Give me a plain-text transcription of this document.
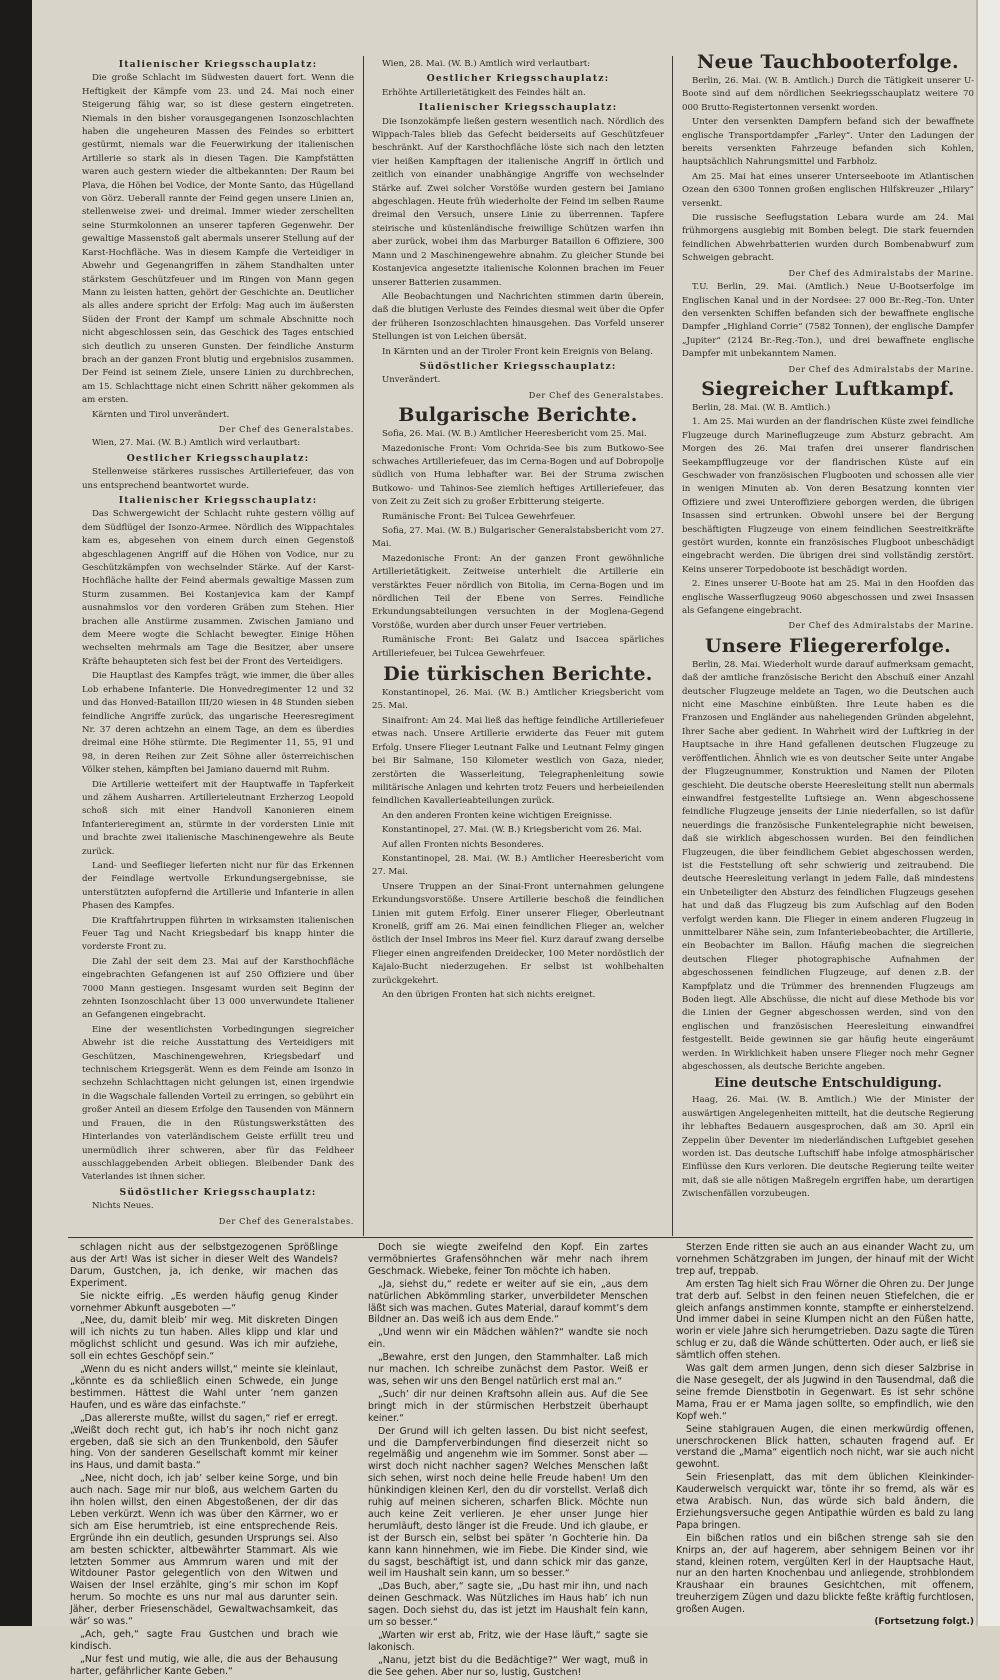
Italienischer Kriegsschauplatz:

Die große Schlacht im Südwesten dauert fort. Wenn die Heftigkeit der Kämpfe vom 23. und 24. Mai noch einer Steigerung fähig war, so ist diese gestern eingetreten. Niemals in den bisher vorausgegangenen Isonzoschlachten haben die ungeheuren Massen des Feindes so erbittert gestürmt, niemals war die Feuerwirkung der italienischen Artillerie so stark als in diesen Tagen. Die Kampfstätten waren auch gestern wieder die altbekannten: Der Raum bei Plava, die Höhen bei Vodice, der Monte Santo, das Hügelland von Görz. Ueberall rannte der Feind gegen unsere Linien an, stellenweise zwei- und dreimal. Immer wieder zerschellten seine Sturmkolonnen an unserer tapferen Gegenwehr. Der gewaltige Massenstoß galt abermals unserer Stellung auf der Karst-Hochfläche. Was in diesem Kampfe die Verteidiger in Abwehr und Gegenangriffen in zähem Standhalten unter stärkstem Geschützfeuer und im Ringen von Mann gegen Mann zu leisten hatten, gehört der Geschichte an. Deutlicher als alles andere spricht der Erfolg: Mag auch im äußersten Süden der Front der Kampf um schmale Abschnitte noch nicht abgeschlossen sein, das Geschick des Tages entschied sich deutlich zu unseren Gunsten. Der feindliche Ansturm brach an der ganzen Front blutig und ergebnislos zusammen. Der Feind ist seinem Ziele, unsere Linien zu durchbrechen, am 15. Schlachttage nicht einen Schritt näher gekommen als am ersten.

Kärnten und Tirol unverändert.

Der Chef des Generalstabes.

Wien, 27. Mai. (W. B.) Amtlich wird verlautbart:

Oestlicher Kriegsschauplatz:

Stellenweise stärkeres russisches Artilleriefeuer, das von uns entsprechend beantwortet wurde.

Italienischer Kriegsschauplatz:

Das Schwergewicht der Schlacht ruhte gestern völlig auf dem Südflügel der Isonzo-Armee. Nördlich des Wippachtales kam es, abgesehen von einem durch einen Gegenstoß abgeschlagenen Angriff auf die Höhen von Vodice, nur zu Geschützkämpfen von wechselnder Stärke. Auf der Karst-Hochfläche hallte der Feind abermals gewaltige Massen zum Sturm zusammen. Bei Kostanjevica kam der Kampf ausnahmslos vor den vorderen Gräben zum Stehen. Hier brachen alle Anstürme zusammen. Zwischen Jamiano und dem Meere wogte die Schlacht bewegter. Einige Höhen wechselten mehrmals am Tage die Besitzer, aber unsere Kräfte behaupteten sich fest bei der Front des Verteidigers.

Die Hauptlast des Kampfes trägt, wie immer, die über alles Lob erhabene Infanterie. Die Honvedregimenter 12 und 32 und das Honved-Bataillon III/20 wiesen in 48 Stunden sieben feindliche Angriffe zurück, das ungarische Heeresregiment Nr. 37 deren achtzehn an einem Tage, an dem es überdies dreimal eine Höhe stürmte. Die Regimenter 11, 55, 91 und 98, in deren Reihen zur Zeit Söhne aller österreichischen Völker stehen, kämpften bei Jamiano dauernd mit Ruhm.

Die Artillerie wetteifert mit der Hauptwaffe in Tapferkeit und zähem Ausharren. Artillerieleutnant Erzherzog Leopold schoß sich mit einer Handvoll Kanonieren einem Infanterieregiment an, stürmte in der vordersten Linie mit und brachte zwei italienische Maschinengewehre als Beute zurück.

Land- und Seeflieger lieferten nicht nur für das Erkennen der Feindlage wertvolle Erkundungsergebnisse, sie unterstützten aufopfernd die Artillerie und Infanterie in allen Phasen des Kampfes.

Die Kraftfahrtruppen führten in wirksamsten italienischen Feuer Tag und Nacht Kriegsbedarf bis knapp hinter die vorderste Front zu.

Die Zahl der seit dem 23. Mai auf der Karsthochfläche eingebrachten Gefangenen ist auf 250 Offiziere und über 7000 Mann gestiegen. Insgesamt wurden seit Beginn der zehnten Isonzoschlacht über 13 000 unverwundete Italiener an Gefangenen eingebracht.

Eine der wesentlichsten Vorbedingungen siegreicher Abwehr ist die reiche Ausstattung des Verteidigers mit Geschützen, Maschinengewehren, Kriegsbedarf und technischem Kriegsgerät. Wenn es dem Feinde am Isonzo in sechzehn Schlachttagen nicht gelungen ist, einen irgendwie in die Wagschale fallenden Vorteil zu erringen, so gebührt ein großer Anteil an diesem Erfolge den Tausenden von Männern und Frauen, die in den Rüstungswerkstätten des Hinterlandes von vaterländischem Geiste erfüllt treu und unermüdlich ihrer schweren, aber für das Feldheer ausschlaggebenden Arbeit obliegen. Bleibender Dank des Vaterlandes ist ihnen sicher.

Südöstlicher Kriegsschauplatz:

Nichts Neues.

Der Chef des Generalstabes.

Wien, 28. Mai. (W. B.) Amtlich wird verlautbart:

Oestlicher Kriegsschauplatz:

Erhöhte Artillerietätigkeit des Feindes hält an.

Italienischer Kriegsschauplatz:

Die Isonzokämpfe ließen gestern wesentlich nach. Nördlich des Wippach-Tales blieb das Gefecht beiderseits auf Geschützfeuer beschränkt. Auf der Karsthochfläche löste sich nach den letzten vier heißen Kampftagen der italienische Angriff in örtlich und zeitlich von einander unabhängige Angriffe von wechselnder Stärke auf. Zwei solcher Vorstöße wurden gestern bei Jamiano abgeschlagen. Heute früh wiederholte der Feind im selben Raume dreimal den Versuch, unsere Linie zu überrennen. Tapfere steirische und küstenländische freiwillige Schützen warfen ihn aber zurück, wobei ihm das Marburger Bataillon 6 Offiziere, 300 Mann und 2 Maschinengewehre abnahm. Zu gleicher Stunde bei Kostanjevica angesetzte italienische Kolonnen brachen im Feuer unserer Batterien zusammen.

Alle Beobachtungen und Nachrichten stimmen darin überein, daß die blutigen Verluste des Feindes diesmal weit über die Opfer der früheren Isonzoschlachten hinausgehen. Das Vorfeld unserer Stellungen ist von Leichen übersät.

In Kärnten und an der Tiroler Front kein Ereignis von Belang.

Südöstlicher Kriegsschauplatz:

Unverändert.

Der Chef des Generalstabes.

Bulgarische Berichte.

Sofia, 26. Mai. (W. B.) Amtlicher Heeresbericht vom 25. Mai.

Mazedonische Front: Vom Ochrida-See bis zum Butkowo-See schwaches Artilleriefeuer, das im Cerna-Bogen und auf Dobropolje südlich von Huma lebhafter war. Bei der Struma zwischen Butkowo- und Tahinos-See ziemlich heftiges Artilleriefeuer, das von Zeit zu Zeit sich zu großer Erbitterung steigerte.

Rumänische Front: Bei Tulcea Gewehrfeuer.

Sofia, 27. Mai. (W. B.) Bulgarischer Generalstabsbericht vom 27. Mai.

Mazedonische Front: An der ganzen Front gewöhnliche Artillerietätigkeit. Zeitweise unterhielt die Artillerie ein verstärktes Feuer nördlich von Bitolia, im Cerna-Bogen und im nördlichen Teil der Ebene von Serres. Feindliche Erkundungsabteilungen versuchten in der Moglena-Gegend Vorstöße, wurden aber durch unser Feuer vertrieben.

Rumänische Front: Bei Galatz und Isaccea spärliches Artilleriefeuer, bei Tulcea Gewehrfeuer.

Die türkischen Berichte.

Konstantinopel, 26. Mai. (W. B.) Amtlicher Kriegsbericht vom 25. Mai.

Sinaifront: Am 24. Mai ließ das heftige feindliche Artilleriefeuer etwas nach. Unsere Artillerie erwiderte das Feuer mit gutem Erfolg. Unsere Flieger Leutnant Falke und Leutnant Felmy gingen bei Bir Salmane, 150 Kilometer westlich von Gaza, nieder, zerstörten die Wasserleitung, Telegraphenleitung sowie militärische Anlagen und kehrten trotz Feuers und herbeieilenden feindlichen Kavallerieabteilungen zurück.

An den anderen Fronten keine wichtigen Ereignisse.

Konstantinopel, 27. Mai. (W. B.) Kriegsbericht vom 26. Mai.

Auf allen Fronten nichts Besonderes.

Konstantinopel, 28. Mai. (W. B.) Amtlicher Heeresbericht vom 27. Mai.

Unsere Truppen an der Sinai-Front unternahmen gelungene Erkundungsvorstöße. Unsere Artillerie beschoß die feindlichen Linien mit gutem Erfolg. Einer unserer Flieger, Oberleutnant Kronelß, griff am 26. Mai einen feindlichen Flieger an, welcher östlich der Insel Imbros ins Meer fiel. Kurz darauf zwang derselbe Flieger einen angreifenden Dreidecker, 100 Meter nordöstlich der Kajalo-Bucht niederzugehen. Er selbst ist wohlbehalten zurückgekehrt.

An den übrigen Fronten hat sich nichts ereignet.

Neue Tauchbooterfolge.

Berlin, 26. Mai. (W. B. Amtlich.) Durch die Tätigkeit unserer U-Boote sind auf dem nördlichen Seekriegsschauplatz weitere 70 000 Brutto-Registertonnen versenkt worden.

Unter den versenkten Dampfern befand sich der bewaffnete englische Transportdampfer „Farley“. Unter den Ladungen der bereits versenkten Fahrzeuge befanden sich Kohlen, hauptsächlich Nahrungsmittel und Farbholz.

Am 25. Mai hat eines unserer Unterseeboote im Atlantischen Ozean den 6300 Tonnen großen englischen Hilfskreuzer „Hilary“ versenkt.

Die russische Seeflugstation Lebara wurde am 24. Mai frühmorgens ausgiebig mit Bomben belegt. Die stark feuernden feindlichen Abwehrbatterien wurden durch Bombenabwurf zum Schweigen gebracht.

Der Chef des Admiralstabs der Marine.

T.U. Berlin, 29. Mai. (Amtlich.) Neue U-Bootserfolge im Englischen Kanal und in der Nordsee: 27 000 Br.-Reg.-Ton. Unter den versenkten Schiffen befanden sich der bewaffnete englische Dampfer „Highland Corrie“ (7582 Tonnen), der englische Dampfer „Jupiter“ (2124 Br.-Reg.-Ton.), und drei bewaffnete englische Dampfer mit unbekanntem Namen.

Der Chef des Admiralstabs der Marine.

Siegreicher Luftkampf.

Berlin, 28. Mai. (W. B. Amtlich.)

1. Am 25. Mai wurden an der flandrischen Küste zwei feindliche Flugzeuge durch Marineflugzeuge zum Absturz gebracht. Am Morgen des 26. Mai trafen drei unserer flandrischen Seekampfflugzeuge vor der flandrischen Küste auf ein Geschwader von französischen Flugbooten und schossen alle vier in wenigen Minuten ab. Von deren Besatzung konnten vier Offiziere und zwei Unteroffiziere geborgen werden, die übrigen Insassen sind ertrunken. Obwohl unsere bei der Bergung beschäftigten Flugzeuge von einem feindlichen Seestreitkräfte gestört wurden, konnte ein französisches Flugboot unbeschädigt eingebracht werden. Die übrigen drei sind vollständig zerstört. Keins unserer Torpedoboote ist beschädigt worden.

2. Eines unserer U-Boote hat am 25. Mai in den Hoofden das englische Wasserflugzeug 9060 abgeschossen und zwei Insassen als Gefangene eingebracht.

Der Chef des Admiralstabs der Marine.

Unsere Fliegererfolge.

Berlin, 28. Mai. Wiederholt wurde darauf aufmerksam gemacht, daß der amtliche französische Bericht den Abschuß einer Anzahl deutscher Flugzeuge meldete an Tagen, wo die Deutschen auch nicht eine Maschine einbüßten. Ihre Leute haben es die Franzosen und Engländer aus naheliegenden Gründen abgelehnt, Ihrer Sache aber gedient. In Wahrheit wird der Luftkrieg in der Hauptsache in ihre Hand gefallenen deutschen Flugzeuge zu veröffentlichen. Ähnlich wie es von deutscher Seite unter Angabe der Flugzeugnummer, Konstruktion und Namen der Piloten geschieht. Die deutsche oberste Heeresleitung stellt nun abermals einwandfrei festgestellte Luftsiege an. Wenn abgeschossene feindliche Flugzeuge jenseits der Linie niederfallen, so ist dafür neuerdings die französische Funkentelegraphie nicht beweisen, daß sie wirklich abgeschossen wurden. Bei den feindlichen Flugzeugen, die über feindlichem Gebiet abgeschossen werden, ist die Feststellung oft sehr schwierig und zeitraubend. Die deutsche Heeresleitung verlangt in jedem Falle, daß mindestens ein Unbeteiligter den Absturz des feindlichen Flugzeugs gesehen hat und daß das Flugzeug bis zum Aufschlag auf den Boden verfolgt werden kann. Die Flieger in einem anderen Flugzeug in unmittelbarer Nähe sein, zum Infanteriebeobachter, die Artillerie, ein Beobachter im Ballon. Häufig machen die siegreichen deutschen Flieger photographische Aufnahmen der abgeschossenen feindlichen Flugzeuge, auf denen z.B. der Kampfplatz und die Trümmer des brennenden Flugzeugs am Boden liegt. Alle Abschüsse, die nicht auf diese Methode bis vor die Linien der Gegner abgeschossen werden, sind von den englischen und französischen Heeresleitung einwandfrei festgestellt. Beide gewinnen sie gar häufig heute eingeräumt werden. In Wirklichkeit haben unsere Flieger noch mehr Gegner abgeschossen, als deutsche Berichte angeben.

Eine deutsche Entschuldigung.

Haag, 26. Mai. (W. B. Amtlich.) Wie der Minister der auswärtigen Angelegenheiten mitteilt, hat die deutsche Regierung ihr lebhaftes Bedauern ausgesprochen, daß am 30. April ein Zeppelin über Deventer im niederländischen Luftgebiet gesehen worden ist. Das deutsche Luftschiff habe infolge atmosphärischer Einflüsse den Kurs verloren. Die deutsche Regierung teilte weiter mit, daß sie alle nötigen Maßregeln ergriffen habe, um derartigen Zwischenfällen vorzubeugen.

schlagen nicht aus der selbstgezogenen Sprößlinge aus der Art! Was ist sicher in dieser Welt des Wandels? Darum, Gustchen, ja, ich denke, wir machen das Experiment.

Sie nickte eifrig. „Es werden häufig genug Kinder vornehmer Abkunft ausgeboten —“

„Nee, du, damit bleib’ mir weg. Mit diskreten Dingen will ich nichts zu tun haben. Alles klipp und klar und möglichst schlicht und gesund. Was ich mir aufziehe, soll ein echtes Geschöpf sein.“

„Wenn du es nicht anders willst,“ meinte sie kleinlaut, „könnte es da schließlich einen Schwede, ein Junge bestimmen. Hättest die Wahl unter ’nem ganzen Haufen, und es wäre das einfachste.“

„Das allererste mußte, willst du sagen,“ rief er erregt. „Weißt doch recht gut, ich hab’s ihr noch nicht ganz ergeben, daß sie sich an den Trunkenbold, den Säufer hing. Von der sanderen Gesellschaft kommt mir keiner ins Haus, und damit basta.“

„Nee, nicht doch, ich jab’ selber keine Sorge, und bin auch nach. Sage mir nur bloß, aus welchem Garten du ihn holen willst, den einen Abgestoßenen, der dir das Leben verkürzt. Wenn ich was über den Kärrner, wo er sich am Eise herumtrieb, ist eine entsprechende Reis. Ergründe ihn ein deutlich, gesunden Ursprungs sei. Also am besten schickter, altbewährter Stammart. Als wie letzten Sommer aus Ammrum waren und mit der Witdouner Pastor gelegentlich von den Witwen und Waisen der Insel erzählte, ging’s mir schon im Kopf herum. So mochte es uns nur mal aus darunter sein. Jäher, derber Friesenschädel, Gewaltwachsamkeit, das wär’ so was.“

„Ach, geh,“ sagte Frau Gustchen und brach wie kindisch.

„Nur fest und mutig, wie alle, die aus der Behausung harter, gefährlicher Kante Geben.“

Doch sie wiegte zweifelnd den Kopf. Ein zartes vermöbniertes Grafensöhnchen wär mehr nach ihrem Geschmack. Wiebeke, feiner Ton möchte ich haben.

„Ja, siehst du,“ redete er weiter auf sie ein, „aus dem natürlichen Abkömmling starker, unverbildeter Menschen läßt sich was machen. Gutes Material, darauf kommt’s dem Bildner an. Das weiß ich aus dem Ende.“

„Und wenn wir ein Mädchen wählen?“ wandte sie noch ein.

„Bewahre, erst den Jungen, den Stammhalter. Laß mich nur machen. Ich schreibe zunächst dem Pastor. Weiß er was, sehen wir uns den Bengel natürlich erst mal an.“

„Such’ dir nur deinen Kraftsohn allein aus. Auf die See bringt mich in der stürmischen Herbstzeit überhaupt keiner.“

Der Grund will ich gelten lassen. Du bist nicht seefest, und die Dampferverbindungen find dieserzeit nicht so regelmäßig und angenehm wie im Sommer. Sonst aber — wirst doch nicht nachher sagen? Welches Menschen laßt sich sehen, wirst noch deine helle Freude haben! Um den hünkindigen kleinen Kerl, den du dir vorstellst. Verlaß dich ruhig auf meinen sicheren, scharfen Blick. Möchte nun auch keine Zeit verlieren. Je eher unser Junge hier herumläuft, desto länger ist die Freude. Und ich glaube, er ist der Bursch ein, selbst bei später ’n Gochterie hin. Da kann kann hinnehmen, wie im Fiebe. Die Kinder sind, wie du sagst, beschäftigt ist, und dann schick mir das ganze, weil im Haushalt sein kann, um so besser.“

„Das Buch, aber,“ sagte sie, „Du hast mir ihn, und nach deinen Geschmack. Was Nützliches im Haus hab’ ich nun sagen. Doch siehst du, das ist jetzt im Haushalt fein kann, um so besser.“

„Warten wir erst ab, Fritz, wie der Hase läuft,“ sagte sie lakonisch.

„Nanu, jetzt bist du die Bedächtige?“ Wer wagt, muß in die See gehen. Aber nur so, lustig, Gustchen!

Sterzen Ende ritten sie auch an aus einander Wacht zu, um vornehmen Schätzgraben im Jungen, der hinauf mit der Wicht trep auf, treppab.

Am ersten Tag hielt sich Frau Wörner die Ohren zu. Der Junge trat derb auf. Selbst in den feinen neuen Stiefelchen, die er gleich anfangs anstimmen konnte, stampfte er einherstelzend. Und immer dabei in seine Klumpen nicht an den Füßen hatte, worin er viele Jahre sich herumgetrieben. Dazu sagte die Türen schlug er zu, daß die Wände schütterten. Oder auch, er ließ sie sämtlich offen stehen.

Was galt dem armen Jungen, denn sich dieser Salzbrise in die Nase gesegelt, der als Jugwind in den Tausendmal, daß die seine fremde Dienstbotin in Gegenwart. Es ist sehr schöne Mama, Frau er er Mama jagen sollte, so empfindlich, wie den Kopf weh.“

Seine stahlgrauen Augen, die einen merkwürdig offenen, unerschrockenen Blick hatten, schauten fragend auf. Er verstand die „Mama“ eigentlich noch nicht, war sie auch nicht gewohnt.

Sein Friesenplatt, das mit dem üblichen Kleinkinder-Kauderwelsch verquickt war, tönte ihr so fremd, als wär es etwa Arabisch. Nun, das würde sich bald ändern, die Erziehungsversuche gegen Antipathie würden es bald zu lang Papa bringen.

Ein bißchen ratlos und ein bißchen strenge sah sie den Knirps an, der auf hagerem, aber sehnigem Beinen vor ihr stand, kleinen rotem, vergülten Kerl in der Hauptsache Haut, nur an den harten Knochenbau und anliegende, strohblondem Kraushaar ein braunes Gesichtchen, mit offenem, treuherzigem Zügen und dazu blickte feßte kräftig furchtlosen, großen Augen.

(Fortsetzung folgt.)
